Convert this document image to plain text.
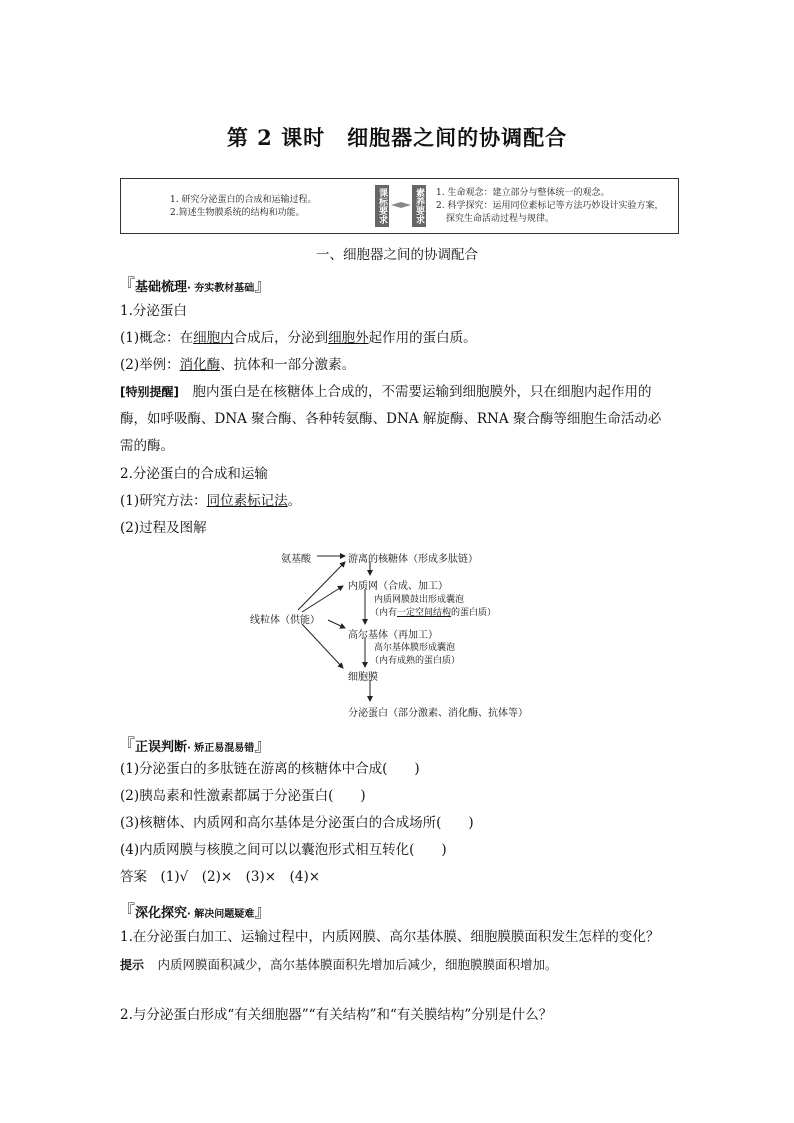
第 2 课时　细胞器之间的协调配合
1. 研究分泌蛋白的合成和运输过程。
2.简述生物膜系统的结构和功能。	课标要求	素养要求 1. 生命观念：建立部分与整体统一的观念。
2. 科学探究：运用同位素标记等方法巧妙设计实验方案，
探究生命活动过程与规律。
一、细胞器之间的协调配合
『基础梳理· 夯实教材基础』
1.分泌蛋白
(1)概念：在细胞内合成后，分泌到细胞外起作用的蛋白质。
(2)举例：消化酶、抗体和一部分激素。
[特别提醒]　 胞内蛋白是在核糖体上合成的，不需要运输到细胞膜外，只在细胞内起作用的
酶，如呼吸酶、DNA 聚合酶、各种转氨酶、DNA 解旋酶、RNA 聚合酶等细胞生命活动必
需的酶。
2.分泌蛋白的合成和运输
(1)研究方法：同位素标记法。
(2)过程及图解
氨基酸	游离的核糖体（形成多肽链）
内质网（合成、加工）
内质网膜鼓出形成囊泡
（内有一定空间结构的蛋白质）
线粒体（供能）
高尔基体（再加工）
高尔基体膜形成囊泡
（内有成熟的蛋白质）
细胞膜
分泌蛋白（部分激素、消化酶、抗体等）
『正误判断· 矫正易混易错』
(1)分泌蛋白的多肽链在游离的核糖体中合成(　　)
(2)胰岛素和性激素都属于分泌蛋白(　　)
(3)核糖体、内质网和高尔基体是分泌蛋白的合成场所(　　)
(4)内质网膜与核膜之间可以以囊泡形式相互转化(　　)
答案　(1)√　(2)×　(3)×　(4)×
『深化探究· 解决问题疑难』
1.在分泌蛋白加工、运输过程中，内质网膜、高尔基体膜、细胞膜膜面积发生怎样的变化？
提示　 内质网膜面积减少，高尔基体膜面积先增加后减少，细胞膜膜面积增加。
2.与分泌蛋白形成“有关细胞器”“有关结构”和“有关膜结构”分别是什么？
